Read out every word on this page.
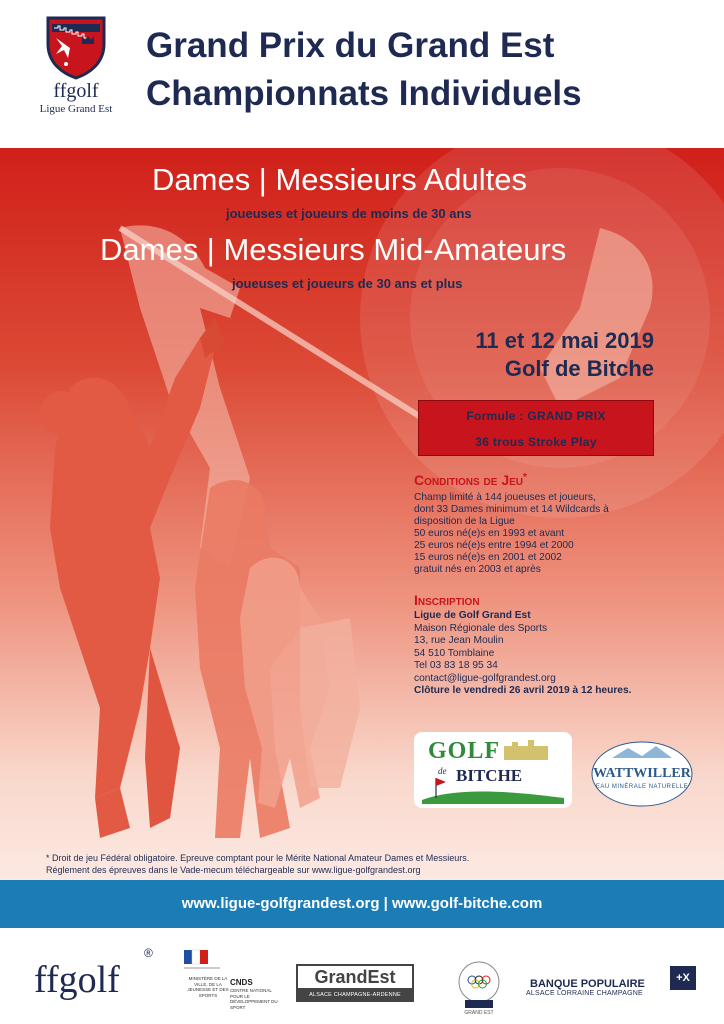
ffgolf
Ligue Grand Est
Grand Prix du Grand Est
Championnats Individuels
Dames | Messieurs Adultes
joueuses et joueurs de moins de 30 ans
Dames | Messieurs Mid-Amateurs
joueuses et joueurs de 30 ans et plus
11 et 12 mai 2019
Golf de Bitche
Formule : GRAND PRIX
36 trous Stroke Play
Conditions de Jeu*
Champ limité à 144 joueuses et joueurs,
dont 33 Dames minimum et 14 Wildcards à
disposition de la Ligue
50 euros né(e)s en 1993 et avant
25 euros né(e)s entre 1994 et 2000
15 euros né(e)s en 2001 et 2002
gratuit nés en 2003 et après
Inscription
Ligue de Golf Grand Est
Maison Régionale des Sports
13, rue Jean Moulin
54 510 Tomblaine
Tel 03 83 18 95 34
contact@ligue-golfgrandest.org
Clôture le vendredi 26 avril 2019 à 12 heures.
GOLF
de BITCHE	WATTWILLER
EAU MINÉRALE NATURELLE
* Droit de jeu Fédéral obligatoire. Epreuve comptant pour le Mérite National Amateur Dames et Messieurs.
Réglement des épreuves dans le Vade-mecum téléchargeable sur www.ligue-golfgrandest.org
www.ligue-golfgrandest.org | www.golf-bitche.com
ffgolf
®
MINISTÈRE DE LA VILLE, DE LA JEUNESSE ET DES SPORTS
CNDS
CENTRE NATIONAL POUR LE DÉVELOPPEMENT DU SPORT
GrandEst
ALSACE CHAMPAGNE-ARDENNE LORRAINE
GRAND EST
BANQUE POPULAIRE
ALSACE LORRAINE CHAMPAGNE
+X
